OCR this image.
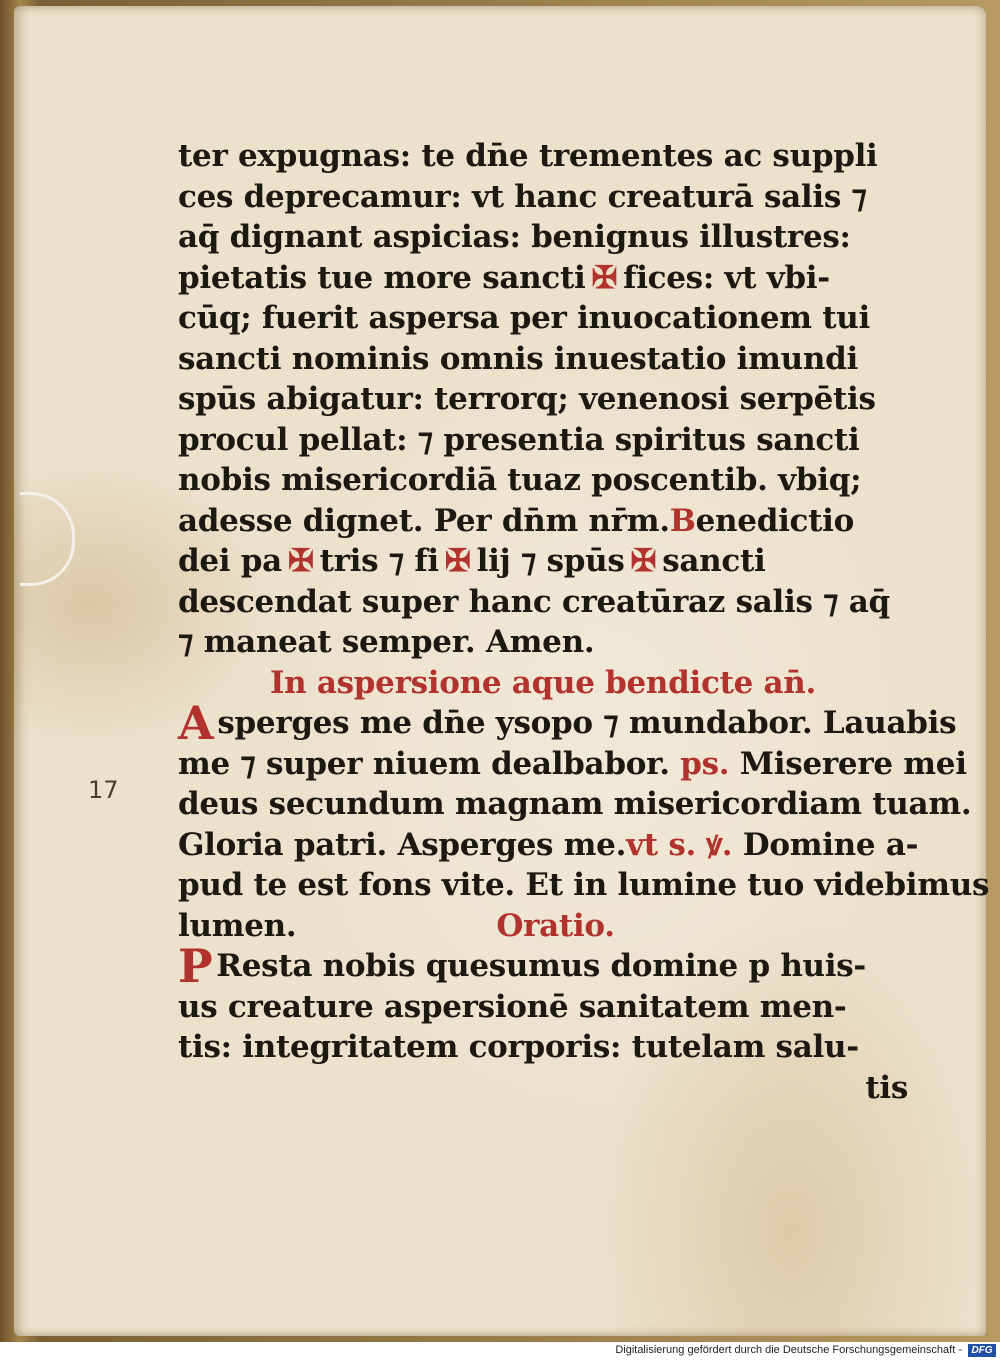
ter expugnas: te dn̄e trementes ac suppli
ces deprecamur: vt hanc creaturā salis ⁊
aq̄ dignant aspicias: benignus illustres:
pietatis tue more sancti ✠ fices: vt vbi-
cūq; fuerit aspersa per inuocationem tui
sancti nominis omnis inuestatio imundi
spūs abigatur: terrorq; venenosi serpētis
procul pellat: ⁊ presentia spiritus sancti
nobis misericordiā tuaz poscentib. vbiq;
adesse dignet. Per dn̄m nr̄m.Benedictio
dei pa ✠ tris ⁊ fi ✠ lij ⁊ spūs ✠ sancti
descendat super hanc creatūraz salis ⁊ aq̄
⁊ maneat semper. Amen.
In aspersione aque bendicte an̄.
A sperges me dn̄e ysopo ⁊ mundabor. Lauabis
me ⁊ super niuem dealbabor. ps. Miserere mei
deus secundum magnam misericordiam tuam.
Gloria patri. Asperges me.vt s. ꝟ. Domine a-
pud te est fons vite. Et in lumine tuo videbimus
lumen.	Oratio.
P Resta nobis quesumus domine p huis-
us creature aspersionē sanitatem men-
tis: integritatem corporis: tutelam salu-
tis
17
Digitalisierung gefördert durch die Deutsche Forschungsgemeinschaft - DFG
